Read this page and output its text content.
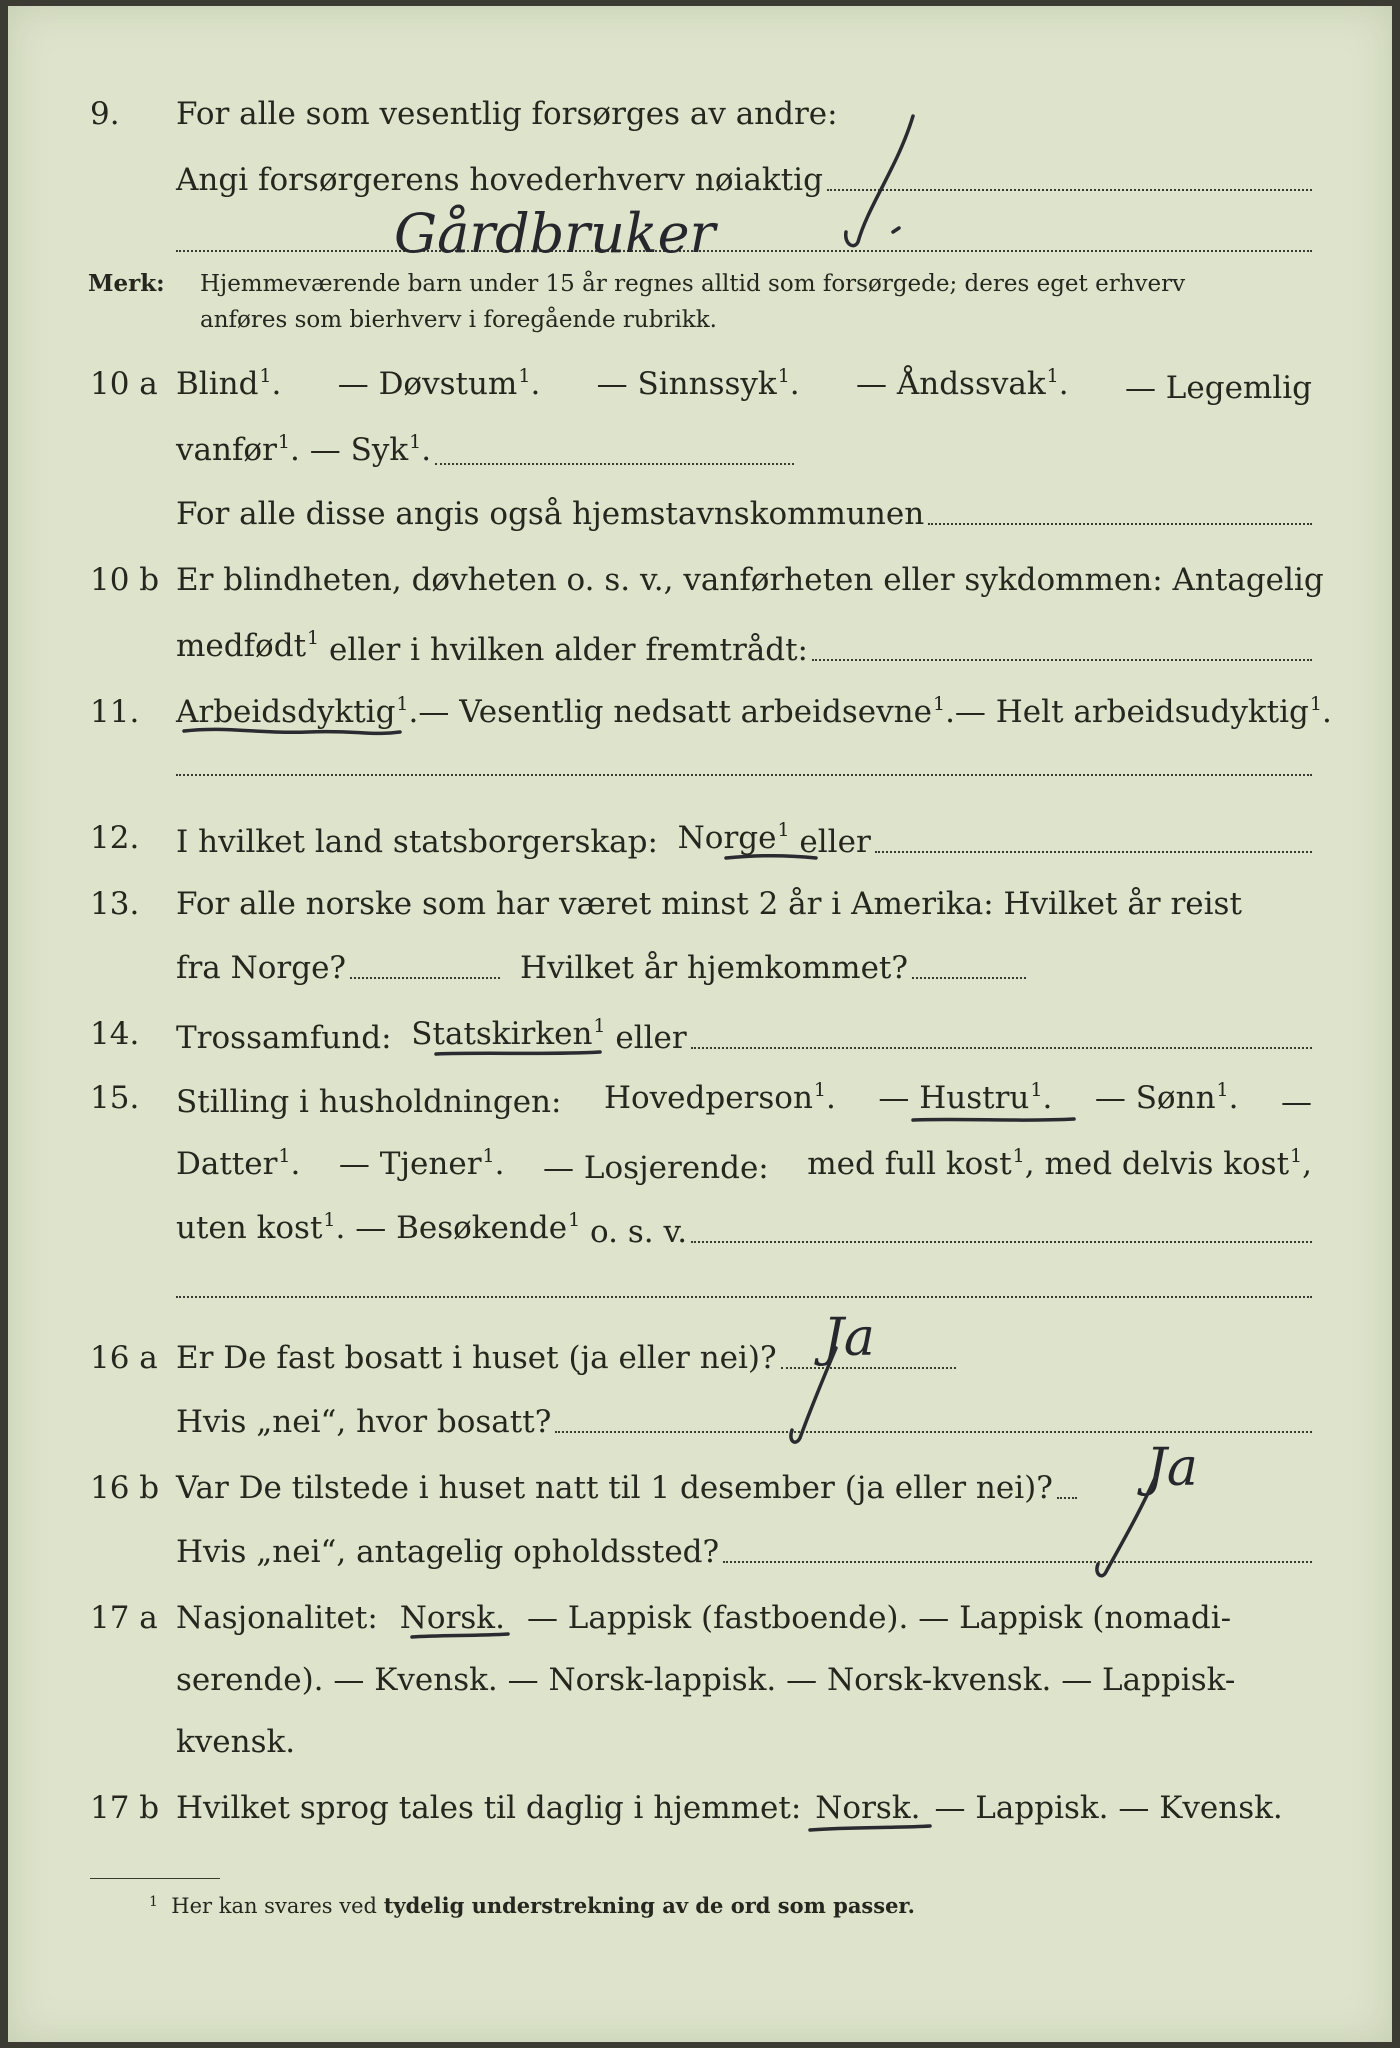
9. For alle som vesentlig forsørges av andre:
Angi forsørgerens hovederhverv nøiaktig
Gårdbruker
Merk: Hjemmeværende barn under 15 år regnes alltid som forsørgede; deres eget erhverv
anføres som bierhverv i foregående rubrikk.
10 a Blind$^1$. — Døvstum$^1$. — Sinnssyk$^1$. — Åndssvak$^1$. — Legemlig
vanfør$^1$. — Syk$^1$.
For alle disse angis også hjemstavnskommunen
10 b Er blindheten, døvheten o. s. v., vanførheten eller sykdommen: Antagelig
medfødt$^1$ eller i hvilken alder fremtrådt:
11. Arbeidsdyktig$^1$. — Vesentlig nedsatt arbeidsevne$^1$. — Helt arbeidsudyktig$^1$.
12. I hvilket land statsborgerskap:
Norge$^1$ eller
13. For alle norske som har været minst 2 år i Amerika: Hvilket år reist
fra Norge?	Hvilket år hjemkommet?
14. Trossamfund:
Statskirken$^1$ eller
15. Stilling i husholdningen: Hovedperson$^1$. — Hustru$^1$. — Sønn$^1$. —
Datter$^1$. — Tjener$^1$. — Losjerende: med full kost$^1$, med delvis kost$^1$,
uten kost$^1$. — Besøkende$^1$ o. s. v.
16 a Er De fast bosatt i huset (ja eller nei)? Ja
Hvis „nei“, hvor bosatt?
16 b Var De tilstede i huset natt til 1 desember (ja eller nei)? Ja
Hvis „nei“, antagelig opholdssted?
17 a Nasjonalitet: Norsk. — Lappisk (fastboende). — Lappisk (nomadi-
serende). — Kvensk. — Norsk-lappisk. — Norsk-kvensk. — Lappisk-
kvensk.
17 b Hvilket sprog tales til daglig i hjemmet: Norsk. — Lappisk. — Kvensk.
$^1$ Her kan svares ved tydelig understrekning av de ord som passer.
